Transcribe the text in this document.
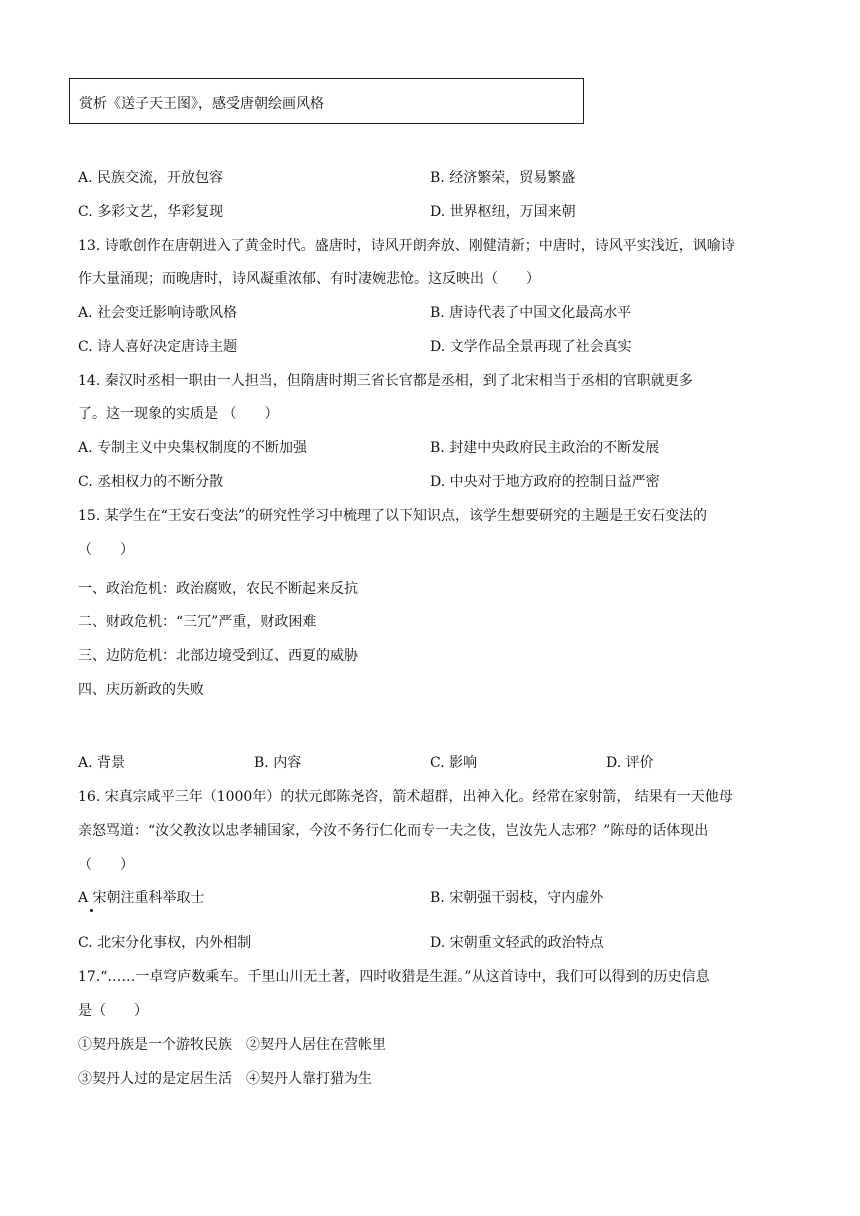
赏析《送子天王图》，感受唐朝绘画风格
A. 民族交流，开放包容	B. 经济繁荣，贸易繁盛
C. 多彩文艺，华彩复现	D. 世界枢纽，万国来朝
13. 诗歌创作在唐朝进入了黄金时代。盛唐时，诗风开朗奔放、刚健清新；中唐时，诗风平实浅近，讽喻诗
作大量涌现；而晚唐时，诗风凝重浓郁、有时凄婉悲怆。这反映出（　　）
A. 社会变迁影响诗歌风格	B. 唐诗代表了中国文化最高水平
C. 诗人喜好决定唐诗主题	D. 文学作品全景再现了社会真实
14. 秦汉时丞相一职由一人担当，但隋唐时期三省长官都是丞相，到了北宋相当于丞相的官职就更多
了。这一现象的实质是 （　　）
A. 专制主义中央集权制度的不断加强	B. 封建中央政府民主政治的不断发展
C. 丞相权力的不断分散	D. 中央对于地方政府的控制日益严密
15. 某学生在“王安石变法”的研究性学习中梳理了以下知识点，该学生想要研究的主题是王安石变法的
（　　）
一、政治危机：政治腐败，农民不断起来反抗
二、财政危机：“三冗”严重，财政困难
三、边防危机：北部边境受到辽、西夏的威胁
四、庆历新政的失败
A. 背景	B. 内容	C. 影响	D. 评价
16. 宋真宗咸平三年（1000年）的状元郎陈尧咨，箭术超群，出神入化。经常在家射箭， 结果有一天他母
亲怒骂道：“汝父教汝以忠孝辅国家，今汝不务行仁化而专一夫之伎，岂汝先人志邪？”陈母的话体现出
（　　）
A 宋朝注重科举取士	B. 宋朝强干弱枝，守内虚外
C. 北宋分化事权，内外相制	D. 宋朝重文轻武的政治特点
17.“……一卓穹庐数乘车。千里山川无土著，四时收猎是生涯。”从这首诗中，我们可以得到的历史信息
是（　　）
①契丹族是一个游牧民族　②契丹人居住在营帐里
③契丹人过的是定居生活　④契丹人靠打猎为生
